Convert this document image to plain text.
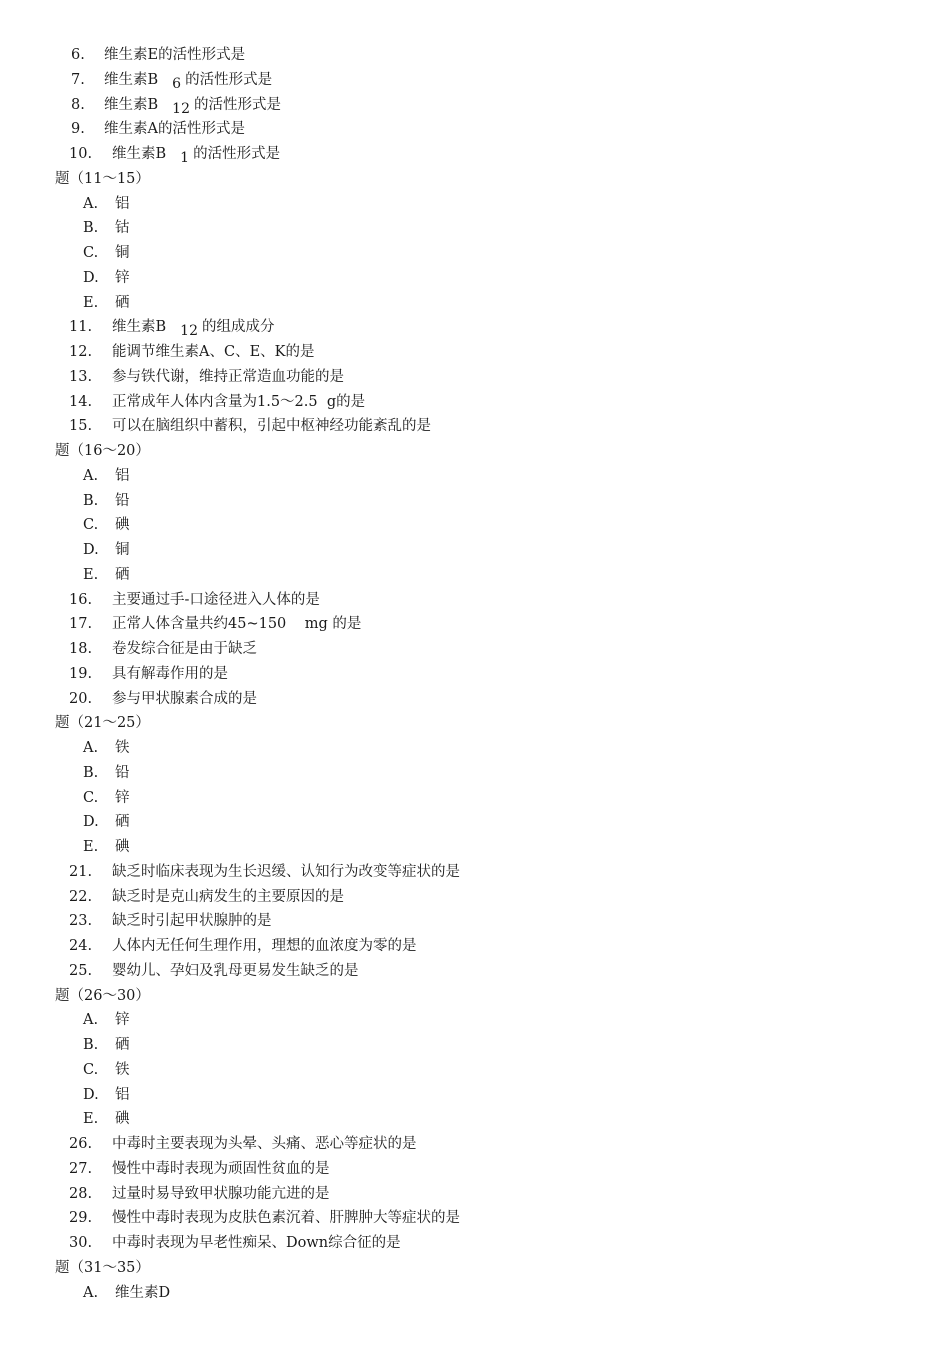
6. 维生素E的活性形式是
7. 维生素B 6 的活性形式是
8. 维生素B 12 的活性形式是
9. 维生素A的活性形式是
10. 维生素B 1 的活性形式是
题（11～15）
A. 铝
B. 钴
C. 铜
D. 锌
E. 硒
11. 维生素B 12 的组成成分
12. 能调节维生素A、C、E、K的是
13. 参与铁代谢，维持正常造血功能的是
14. 正常成年人体内含量为1.5～2.5  g的是
15. 可以在脑组织中蓄积，引起中枢神经功能紊乱的是
题（16～20）
A. 铝
B. 铅
C. 碘
D. 铜
E. 硒
16. 主要通过手-口途径进入人体的是
17. 正常人体含量共约45~150    mg 的是
18. 卷发综合征是由于缺乏
19. 具有解毒作用的是
20. 参与甲状腺素合成的是
题（21～25）
A. 铁
B. 铅
C. 锌
D. 硒
E. 碘
21. 缺乏时临床表现为生长迟缓、认知行为改变等症状的是
22. 缺乏时是克山病发生的主要原因的是
23. 缺乏时引起甲状腺肿的是
24. 人体内无任何生理作用，理想的血浓度为零的是
25. 婴幼儿、孕妇及乳母更易发生缺乏的是
题（26～30）
A. 锌
B. 硒
C. 铁
D. 铝
E. 碘
26. 中毒时主要表现为头晕、头痛、恶心等症状的是
27. 慢性中毒时表现为顽固性贫血的是
28. 过量时易导致甲状腺功能亢进的是
29. 慢性中毒时表现为皮肤色素沉着、肝脾肿大等症状的是
30. 中毒时表现为早老性痴呆、Down综合征的是
题（31～35）
A. 维生素D
